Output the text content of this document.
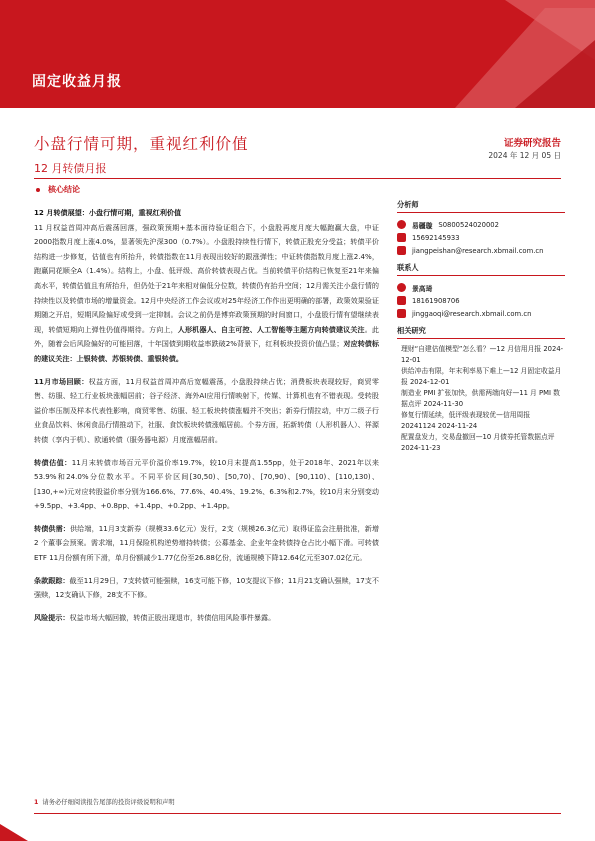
固定收益月报
小盘行情可期，重视红利价值	证券研究报告
2024 年 12 月 05 日
12 月转债月报
核心结论
12 月转债展望：小盘行情可期，重视红利价值
11 月权益首周冲高后震荡回落，强政策预期+基本面待验证组合下，小盘股再度月度大幅跑赢大盘，中证2000指数月度上涨4.0%，显著领先沪深300（0.7%）。小盘股持续性行情下，转债正股充分受益；转债平价结构进一步修复，估值也有所抬升，转债指数在11月表现出较好的跟涨弹性；中证转债指数月度上涨2.4%，跑赢同花顺全A（1.4%）。结构上，小盘、低评级、高价转债表现占优。当前转债平价结构已恢复至21年来偏高水平，转债估值且有所抬升，但仍处于21年来相对偏低分位数，转债仍有抬升空间；12月需关注小盘行情的持续性以及转债市场的增量资金。12月中央经济工作会议或对25年经济工作作出更明确的部署，政策效果验证期随之开启，短期风险偏好或受到一定抑制。会议之前仍是博弈政策预期的时间窗口，小盘股行情有望继续表现，转债短期向上弹性仍值得期待。方向上，人形机器人、自主可控、人工智能等主题方向转债建议关注。此外，随着会后风险偏好的可能回落，十年国债到期收益率跌破2%背景下，红利板块投资价值凸显；对应转债标的建议关注：上银转债、苏银转债、重银转债。
11月市场回顾：权益方面，11月权益首周冲高后宽幅震荡，小盘股持续占优；消费板块表现较好，商贸零售、纺服、轻工行业板块涨幅居前；谷子经济、海外AI应用行情映射下，传媒、计算机也有不错表现。受转股溢价率压制及样本代表性影响，商贸零售、纺服、轻工板块转债涨幅并不突出；新券行情拉动，中万二级子行业食品饮料、休闲食品行情推动下，社服、食饮板块转债涨幅居前。个券方面，拓新转债（人形机器人）、祥源转债（享内于机）、欧通转债（服务器电源）月度涨幅居前。
转债估值：11月末转债市场百元平价溢价率19.7%，较10月末提高1.55pp，处于2018年、2021年以来53.9%和24.0%分位数水平。不同平价区间[30,50)、[50,70)、[70,90)、[90,110)、[110,130)、[130,+∞)元对应转股溢价率分别为166.6%、77.6%、40.4%、19.2%、6.3%和2.7%，较10月末分别变动+9.5pp、+3.4pp、+0.8pp、+1.4pp、+0.2pp、+1.4pp。
转债供需：供给端，11月3支新券（规模33.6亿元）发行，2支（规模26.3亿元）取得证监会注册批准，新增 2 个董事会预案。需求端，11月保险机构逆势增持转债；公募基金、企业年金转债持仓占比小幅下滑。可转债ETF 11月份额有所下滑，单月份额减少1.77亿份至26.88亿份，流通规模下降12.64亿元至307.02亿元。
条款跟踪：截至11月29日，7支转债可能强赎，16支可能下修，10支提议下修；11月21支确认强赎，17支不强赎，12支确认下修，28支不下修。
风险提示：权益市场大幅回撤，转债正股出现退市，转债信用风险事件暴露。
分析师
易疆璇 S0800524020002
15692145933
jiangpeishan@research.xbmail.com.cn
联系人
景高琦
18161908706
jinggaoqi@research.xbmail.com.cn
相关研究
理财“自建估值模型”怎么看？—12 月信用月报 2024-12-01
供给冲击有限，年末利率易下难上—12 月固定收益月报 2024-12-01
制造业 PMI 扩张加快，供需两端向好—11 月 PMI 数据点评 2024-11-30
修复行情延续，低评级表现较优—信用周报 20241124 2024-11-24
配置盘发力，交易盘撤回—10 月债券托管数据点评 2024-11-23
1 请务必仔细阅读报告尾部的投资评级说明和声明
